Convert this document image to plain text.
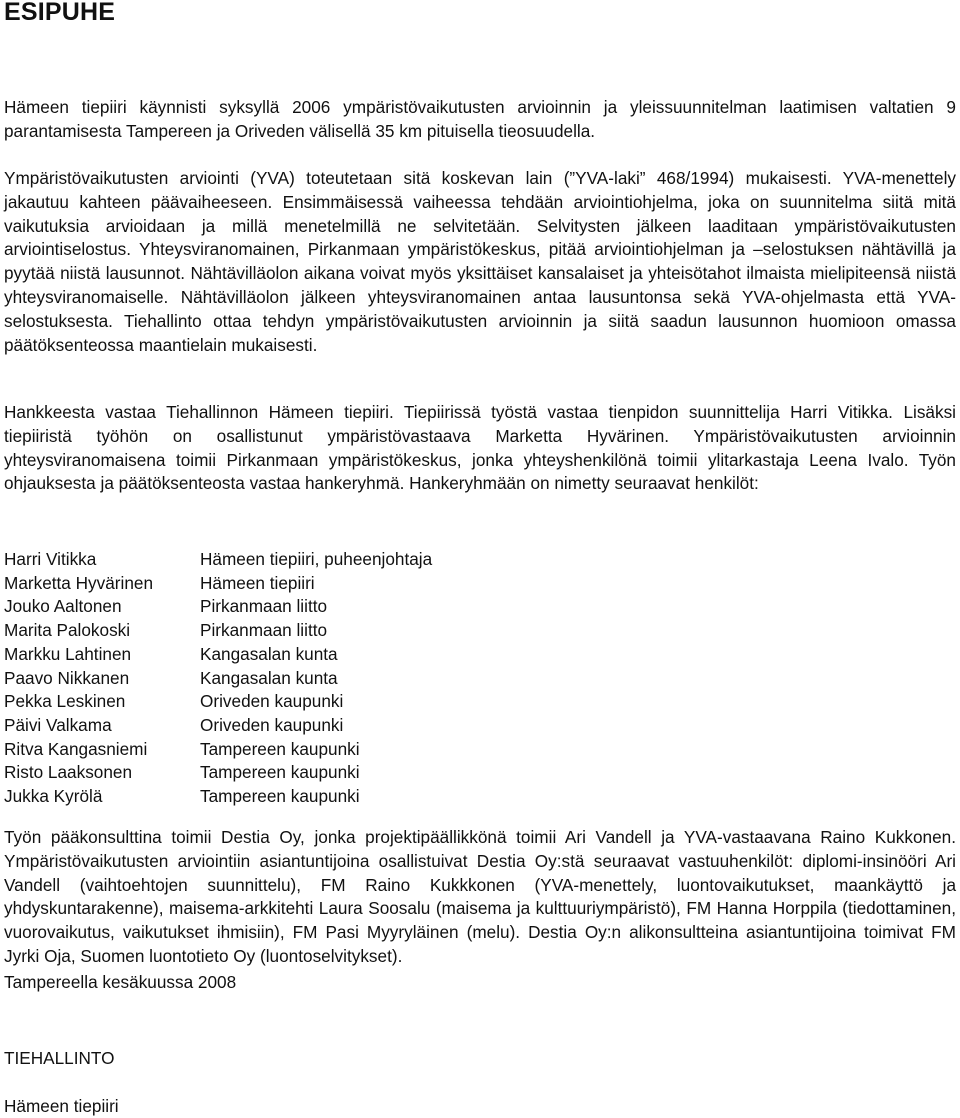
ESIPUHE

Hämeen tiepiiri käynnisti syksyllä 2006 ympäristövaikutusten arvioinnin ja yleissuunnitelman laatimisen valtatien 9 parantamisesta Tampereen ja Oriveden välisellä 35 km pituisella tieosuudella.

Ympäristövaikutusten arviointi (YVA) toteutetaan sitä koskevan lain (”YVA-laki” 468/1994) mukaisesti. YVA-menettely jakautuu kahteen päävaiheeseen. Ensimmäisessä vaiheessa tehdään arviointiohjelma, joka on suunnitelma siitä mitä vaikutuksia arvioidaan ja millä menetelmillä ne selvitetään. Selvitysten jälkeen laaditaan ympäristövaikutusten arviointiselostus. Yhteysviranomainen, Pirkanmaan ympäristökeskus, pitää arviointiohjelman ja –selostuksen nähtävillä ja pyytää niistä lausunnot. Nähtävilläolon aikana voivat myös yksittäiset kansalaiset ja yhteisötahot ilmaista mielipiteensä niistä yhteysviranomaiselle. Nähtävilläolon jälkeen yhteysviranomainen antaa lausuntonsa sekä YVA-ohjelmasta että YVA-selostuksesta. Tiehallinto ottaa tehdyn ympäristövaikutusten arvioinnin ja siitä saadun lausunnon huomioon omassa päätöksenteossa maantielain mukaisesti.

Hankkeesta vastaa Tiehallinnon Hämeen tiepiiri. Tiepiirissä työstä vastaa tienpidon suunnittelija Harri Vitikka. Lisäksi tiepiiristä työhön on osallistunut ympäristövastaava Marketta Hyvärinen. Ympäristövaikutusten arvioinnin yhteysviranomaisena toimii Pirkanmaan ympäristökeskus, jonka yhteyshenkilönä toimii ylitarkastaja Leena Ivalo. Työn ohjauksesta ja päätöksenteosta vastaa hankeryhmä. Hankeryhmään on nimetty seuraavat henkilöt:

Harri Vitikka	Hämeen tiepiiri, puheenjohtaja
Marketta Hyvärinen	Hämeen tiepiiri
Jouko Aaltonen	Pirkanmaan liitto
Marita Palokoski	Pirkanmaan liitto
Markku Lahtinen	Kangasalan kunta
Paavo Nikkanen	Kangasalan kunta
Pekka Leskinen	Oriveden kaupunki
Päivi Valkama	Oriveden kaupunki
Ritva Kangasniemi	Tampereen kaupunki
Risto Laaksonen	Tampereen kaupunki
Jukka Kyrölä	Tampereen kaupunki

Työn pääkonsulttina toimii Destia Oy, jonka projektipäällikkönä toimii Ari Vandell ja YVA-vastaavana Raino Kukkonen. Ympäristövaikutusten arviointiin asiantuntijoina osallistuivat Destia Oy:stä seuraavat vastuuhenkilöt: diplomi-insinööri Ari Vandell (vaihtoehtojen suunnittelu), FM Raino Kukkkonen (YVA-menettely, luontovaikutukset, maankäyttö ja yhdyskuntarakenne), maisema-arkkitehti Laura Soosalu (maisema ja kulttuuriympäristö), FM Hanna Horppila (tiedottaminen, vuorovaikutus, vaikutukset ihmisiin), FM Pasi Myyryläinen (melu). Destia Oy:n alikonsultteina asiantuntijoina toimivat FM Jyrki Oja, Suomen luontotieto Oy (luontoselvitykset).

Tampereella kesäkuussa 2008

TIEHALLINTO

Hämeen tiepiiri
